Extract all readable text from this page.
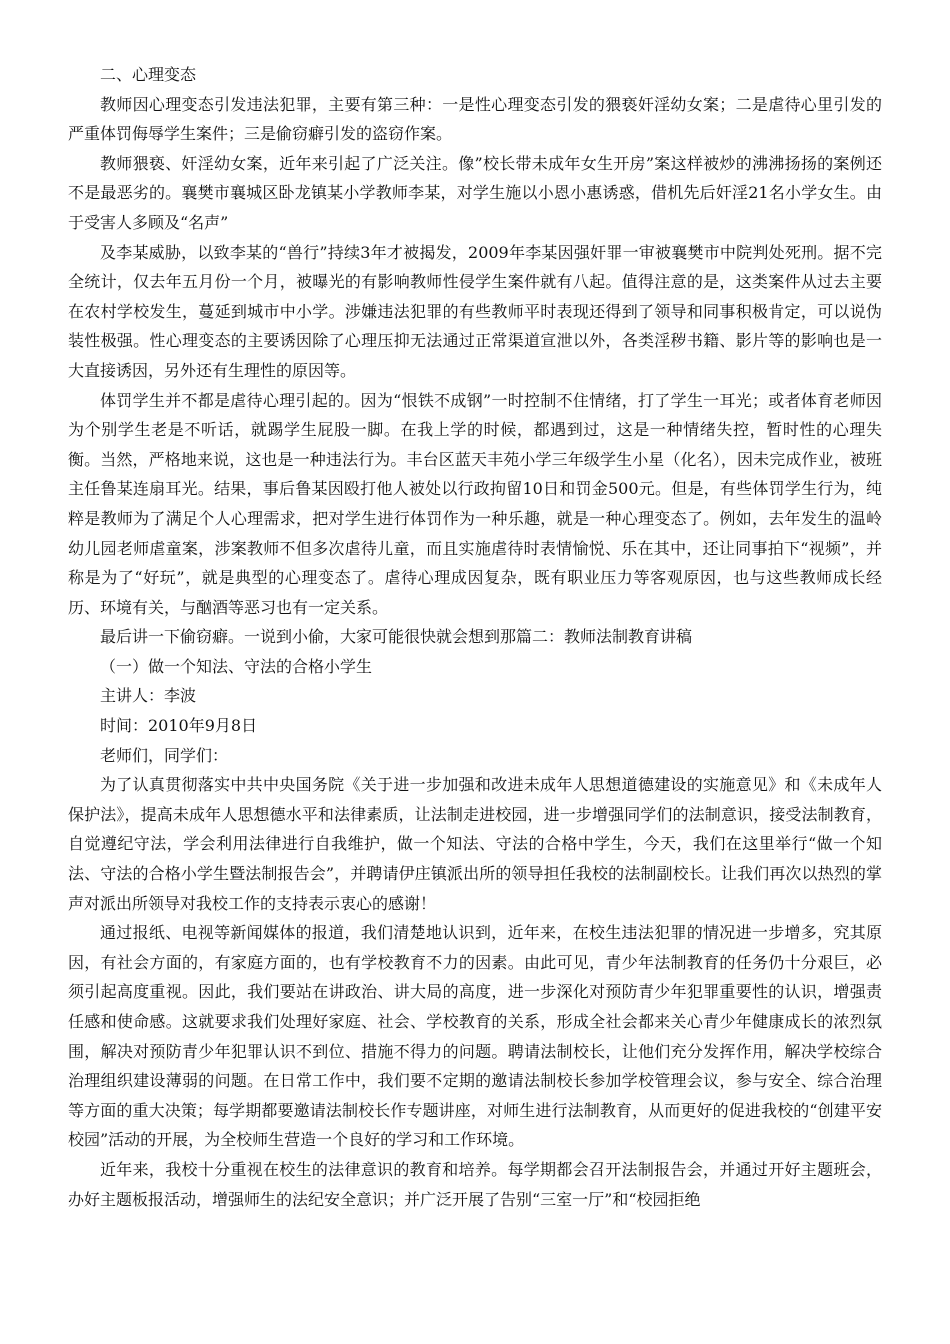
二、心理变态

教师因心理变态引发违法犯罪，主要有第三种：一是性心理变态引发的猥亵奸淫幼女案；二是虐待心里引发的严重体罚侮辱学生案件；三是偷窃癖引发的盗窃作案。

教师猥亵、奸淫幼女案，近年来引起了广泛关注。像”校长带未成年女生开房”案这样被炒的沸沸扬扬的案例还不是最恶劣的。襄樊市襄城区卧龙镇某小学教师李某，对学生施以小恩小惠诱惑，借机先后奸淫21名小学女生。由于受害人多顾及“名声”

及李某威胁，以致李某的“兽行”持续3年才被揭发，2009年李某因强奸罪一审被襄樊市中院判处死刑。据不完全统计，仅去年五月份一个月，被曝光的有影响教师性侵学生案件就有八起。值得注意的是，这类案件从过去主要在农村学校发生，蔓延到城市中小学。涉嫌违法犯罪的有些教师平时表现还得到了领导和同事积极肯定，可以说伪装性极强。性心理变态的主要诱因除了心理压抑无法通过正常渠道宣泄以外，各类淫秽书籍、影片等的影响也是一大直接诱因，另外还有生理性的原因等。

体罚学生并不都是虐待心理引起的。因为“恨铁不成钢”一时控制不住情绪，打了学生一耳光；或者体育老师因为个别学生老是不听话，就踢学生屁股一脚。在我上学的时候，都遇到过，这是一种情绪失控，暂时性的心理失衡。当然，严格地来说，这也是一种违法行为。丰台区蓝天丰苑小学三年级学生小星（化名），因未完成作业，被班主任鲁某连扇耳光。结果，事后鲁某因殴打他人被处以行政拘留10日和罚金500元。但是，有些体罚学生行为，纯粹是教师为了满足个人心理需求，把对学生进行体罚作为一种乐趣，就是一种心理变态了。例如，去年发生的温岭幼儿园老师虐童案，涉案教师不但多次虐待儿童，而且实施虐待时表情愉悦、乐在其中，还让同事拍下“视频”，并称是为了“好玩”，就是典型的心理变态了。虐待心理成因复杂，既有职业压力等客观原因，也与这些教师成长经历、环境有关，与酗酒等恶习也有一定关系。

最后讲一下偷窃癖。一说到小偷，大家可能很快就会想到那篇二：教师法制教育讲稿

（一）做一个知法、守法的合格小学生

主讲人：李波

时间：2010年9月8日

老师们，同学们：

为了认真贯彻落实中共中央国务院《关于进一步加强和改进未成年人思想道德建设的实施意见》和《未成年人保护法》，提高未成年人思想德水平和法律素质，让法制走进校园，进一步增强同学们的法制意识，接受法制教育，自觉遵纪守法，学会利用法律进行自我维护，做一个知法、守法的合格中学生，今天，我们在这里举行“做一个知法、守法的合格小学生暨法制报告会”，并聘请伊庄镇派出所的领导担任我校的法制副校长。让我们再次以热烈的掌声对派出所领导对我校工作的支持表示衷心的感谢！

通过报纸、电视等新闻媒体的报道，我们清楚地认识到，近年来，在校生违法犯罪的情况进一步增多，究其原因，有社会方面的，有家庭方面的，也有学校教育不力的因素。由此可见，青少年法制教育的任务仍十分艰巨，必须引起高度重视。因此，我们要站在讲政治、讲大局的高度，进一步深化对预防青少年犯罪重要性的认识，增强责任感和使命感。这就要求我们处理好家庭、社会、学校教育的关系，形成全社会都来关心青少年健康成长的浓烈氛围，解决对预防青少年犯罪认识不到位、措施不得力的问题。聘请法制校长，让他们充分发挥作用，解决学校综合治理组织建设薄弱的问题。在日常工作中，我们要不定期的邀请法制校长参加学校管理会议，参与安全、综合治理等方面的重大决策；每学期都要邀请法制校长作专题讲座，对师生进行法制教育，从而更好的促进我校的“创建平安校园”活动的开展，为全校师生营造一个良好的学习和工作环境。

近年来，我校十分重视在校生的法律意识的教育和培养。每学期都会召开法制报告会，并通过开好主题班会，办好主题板报活动，增强师生的法纪安全意识；并广泛开展了告别“三室一厅”和“校园拒绝
